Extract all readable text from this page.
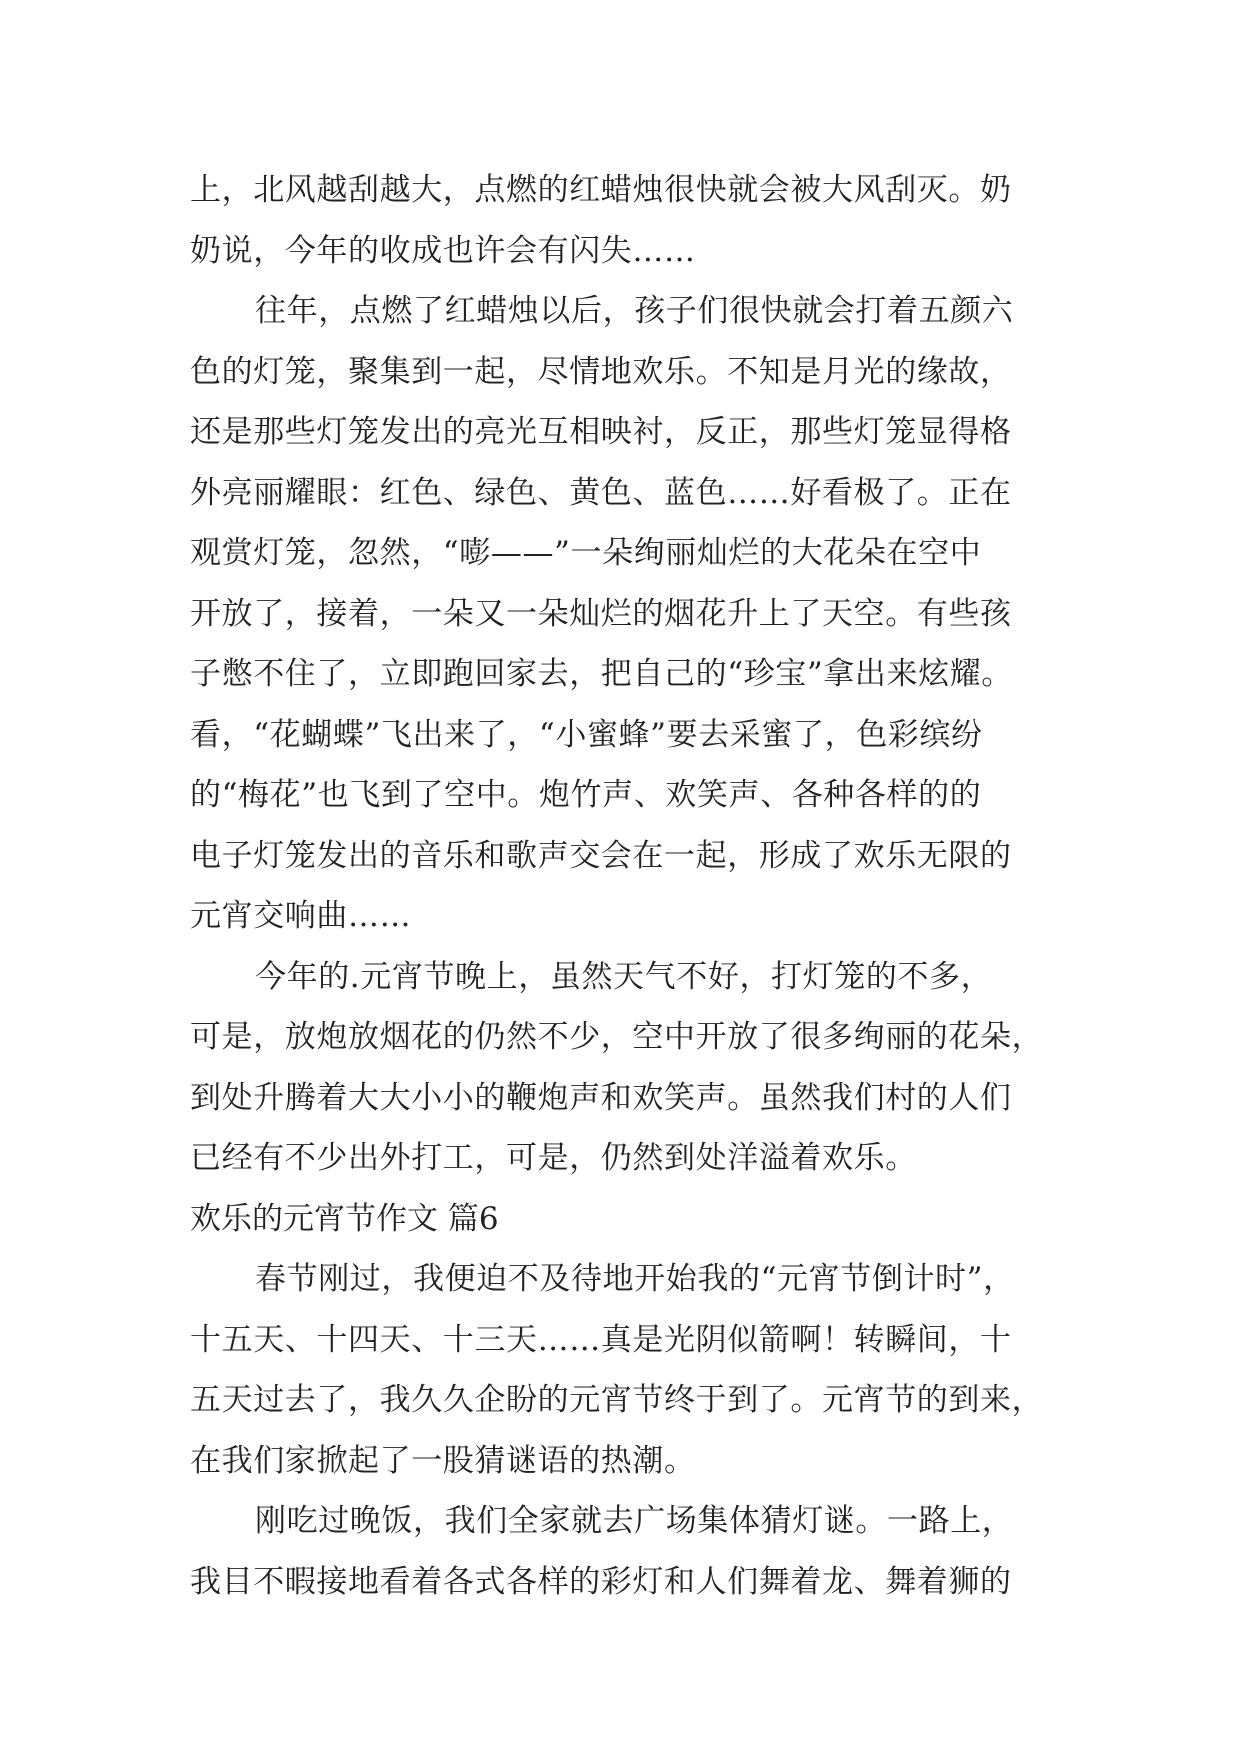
上，北风越刮越大，点燃的红蜡烛很快就会被大风刮灭。奶
奶说，今年的收成也许会有闪失……
往年，点燃了红蜡烛以后，孩子们很快就会打着五颜六
色的灯笼，聚集到一起，尽情地欢乐。不知是月光的缘故，
还是那些灯笼发出的亮光互相映衬，反正，那些灯笼显得格
外亮丽耀眼：红色、绿色、黄色、蓝色……好看极了。正在
观赏灯笼，忽然，“嘭——”一朵绚丽灿烂的大花朵在空中
开放了，接着，一朵又一朵灿烂的烟花升上了天空。有些孩
子憋不住了，立即跑回家去，把自己的“珍宝”拿出来炫耀。
看，“花蝴蝶”飞出来了，“小蜜蜂”要去采蜜了，色彩缤纷
的“梅花”也飞到了空中。炮竹声、欢笑声、各种各样的的
电子灯笼发出的音乐和歌声交会在一起，形成了欢乐无限的
元宵交响曲……
今年的.元宵节晚上，虽然天气不好，打灯笼的不多，
可是，放炮放烟花的仍然不少，空中开放了很多绚丽的花朵，
到处升腾着大大小小的鞭炮声和欢笑声。虽然我们村的人们
已经有不少出外打工，可是，仍然到处洋溢着欢乐。
欢乐的元宵节作文 篇6
春节刚过，我便迫不及待地开始我的“元宵节倒计时”，
十五天、十四天、十三天……真是光阴似箭啊！转瞬间，十
五天过去了，我久久企盼的元宵节终于到了。元宵节的到来，
在我们家掀起了一股猜谜语的热潮。
刚吃过晚饭，我们全家就去广场集体猜灯谜。一路上，
我目不暇接地看着各式各样的彩灯和人们舞着龙、舞着狮的
